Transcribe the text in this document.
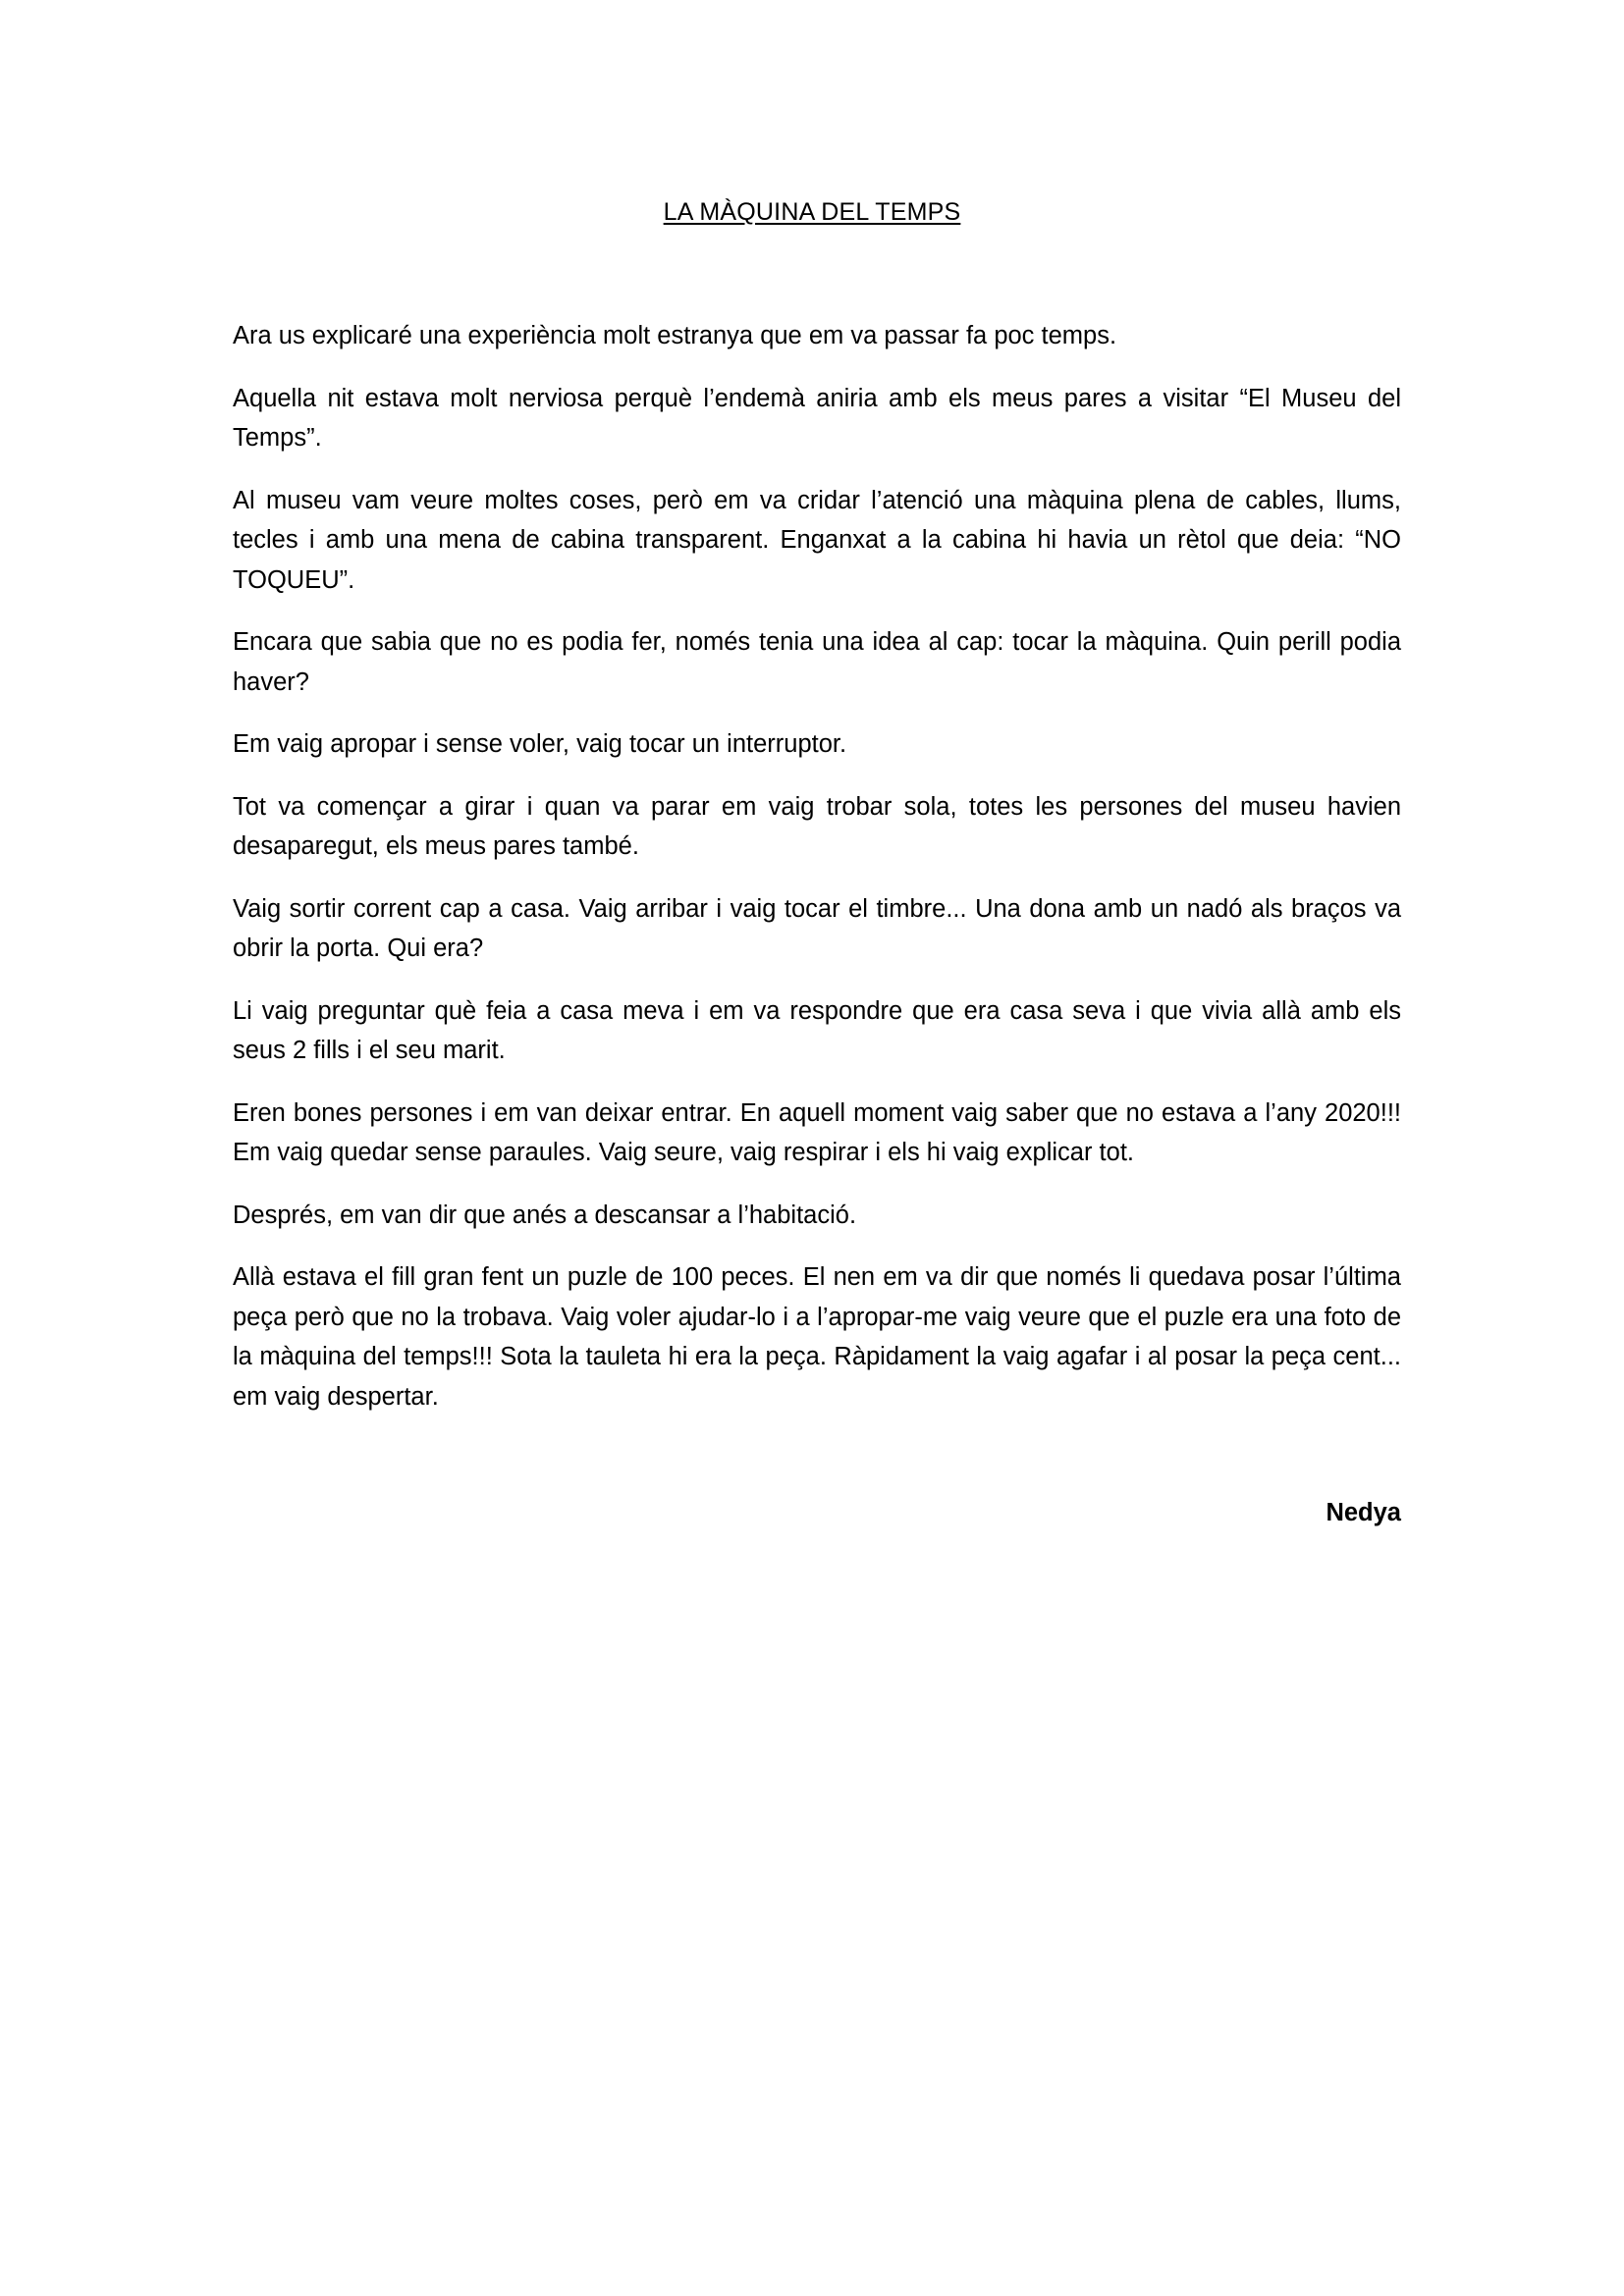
LA MÀQUINA DEL TEMPS

Ara us explicaré una experiència molt estranya que em va passar fa poc temps.

Aquella nit estava molt nerviosa perquè l’endemà aniria amb els meus pares a visitar “El Museu del Temps”.

Al museu vam veure moltes coses, però em va cridar l’atenció una màquina plena de cables, llums, tecles i amb una mena de cabina transparent. Enganxat a la cabina hi havia un rètol que deia: “NO TOQUEU”.

Encara que sabia que no es podia fer, només tenia una idea al cap: tocar la màquina. Quin perill podia haver?

Em vaig apropar i sense voler, vaig tocar un interruptor.

Tot va començar a girar i quan va parar em vaig trobar sola, totes les persones del museu havien desaparegut, els meus pares també.

Vaig sortir corrent cap a casa. Vaig arribar i vaig tocar el timbre... Una dona amb un nadó als braços va obrir la porta. Qui era?

Li vaig preguntar què feia a casa meva i em va respondre que era casa seva i que vivia allà amb els seus 2 fills i el seu marit.

Eren bones persones i em van deixar entrar. En aquell moment vaig saber que no estava a l’any 2020!!! Em vaig quedar sense paraules. Vaig seure, vaig respirar i els hi vaig explicar tot.

Després, em van dir que anés a descansar a l’habitació.

Allà estava el fill gran fent un puzle de 100 peces. El nen em va dir que només li quedava posar l’última peça però que no la trobava. Vaig voler ajudar-lo i a l’apropar-me vaig veure que el puzle era una foto de la màquina del temps!!! Sota la tauleta hi era la peça. Ràpidament la vaig agafar i al posar la peça cent... em vaig despertar.

Nedya
